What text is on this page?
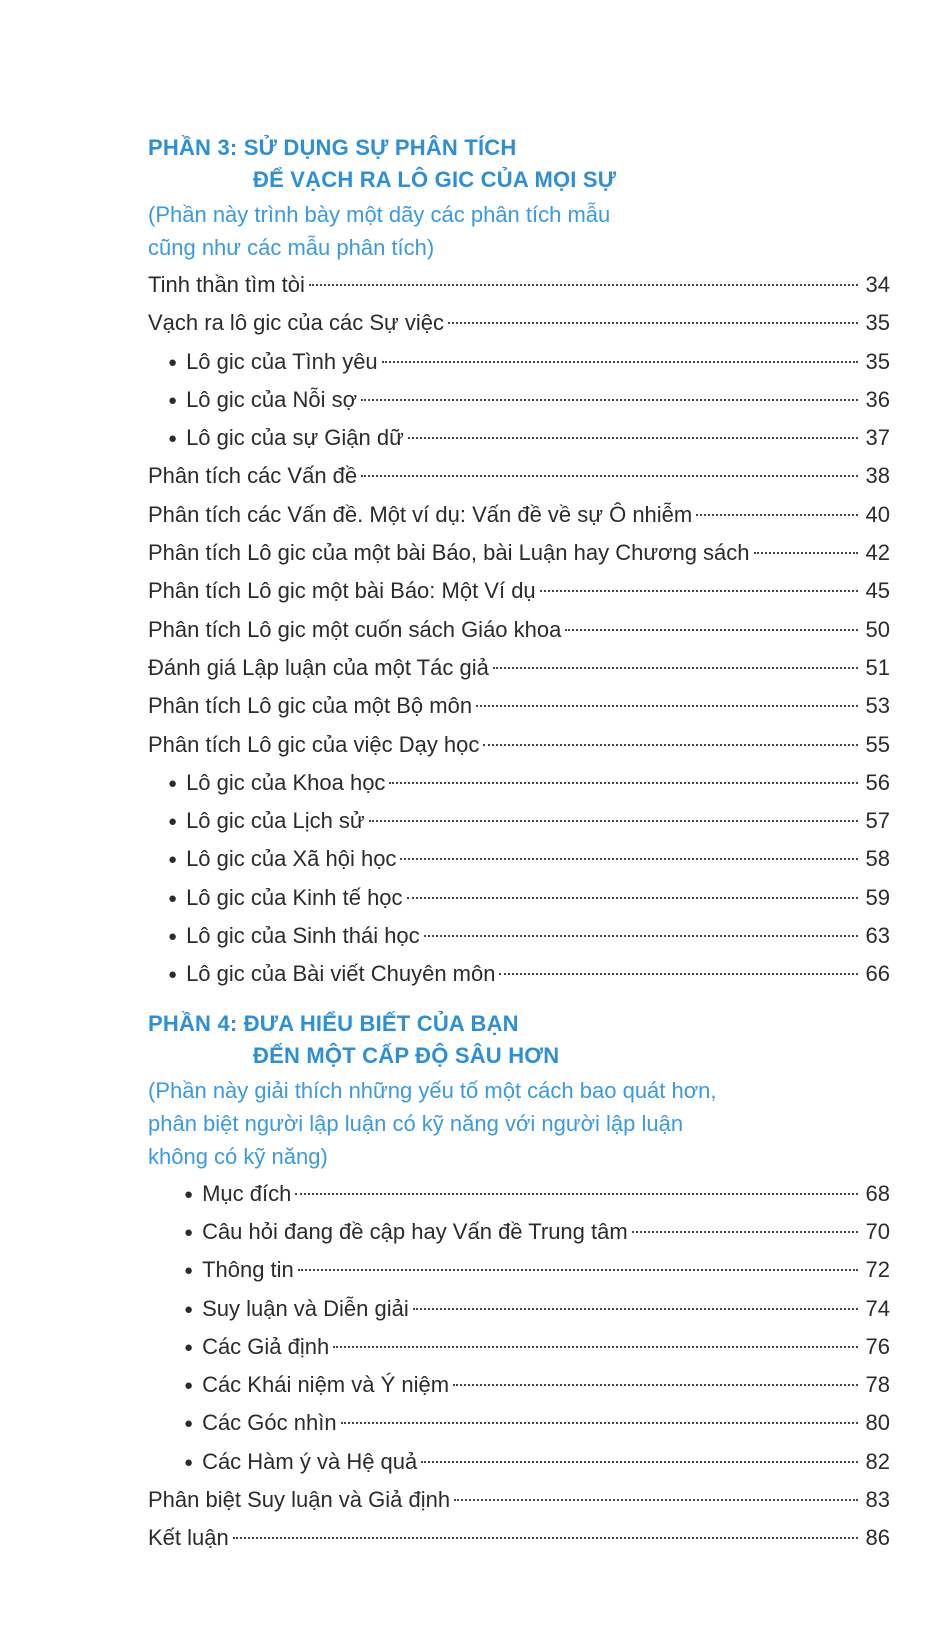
PHẦN 3: SỬ DỤNG SỰ PHÂN TÍCH
ĐỂ VẠCH RA LÔ GIC CỦA MỌI SỰ
(Phần này trình bày một dãy các phân tích mẫu
cũng như các mẫu phân tích)
Tinh thần tìm tòi	34
Vạch ra lô gic của các Sự việc	35
● Lô gic của Tình yêu	35
● Lô gic của Nỗi sợ	36
● Lô gic của sự Giận dữ	37
Phân tích các Vấn đề	38
Phân tích các Vấn đề. Một ví dụ: Vấn đề về sự Ô nhiễm	40
Phân tích Lô gic của một bài Báo, bài Luận hay Chương sách	42
Phân tích Lô gic một bài Báo: Một Ví dụ	45
Phân tích Lô gic một cuốn sách Giáo khoa	50
Đánh giá Lập luận của một Tác giả	51
Phân tích Lô gic của một Bộ môn	53
Phân tích Lô gic của việc Dạy học	55
● Lô gic của Khoa học	56
● Lô gic của Lịch sử	57
● Lô gic của Xã hội học	58
● Lô gic của Kinh tế học	59
● Lô gic của Sinh thái học	63
● Lô gic của Bài viết Chuyên môn	66
PHẦN 4: ĐƯA HIỂU BIẾT CỦA BẠN
ĐẾN MỘT CẤP ĐỘ SÂU HƠN
(Phần này giải thích những yếu tố một cách bao quát hơn,
phân biệt người lập luận có kỹ năng với người lập luận
không có kỹ năng)
● Mục đích	68
● Câu hỏi đang đề cập hay Vấn đề Trung tâm	70
● Thông tin	72
● Suy luận và Diễn giải	74
● Các Giả định	76
● Các Khái niệm và Ý niệm	78
● Các Góc nhìn	80
● Các Hàm ý và Hệ quả	82
Phân biệt Suy luận và Giả định	83
Kết luận	86
